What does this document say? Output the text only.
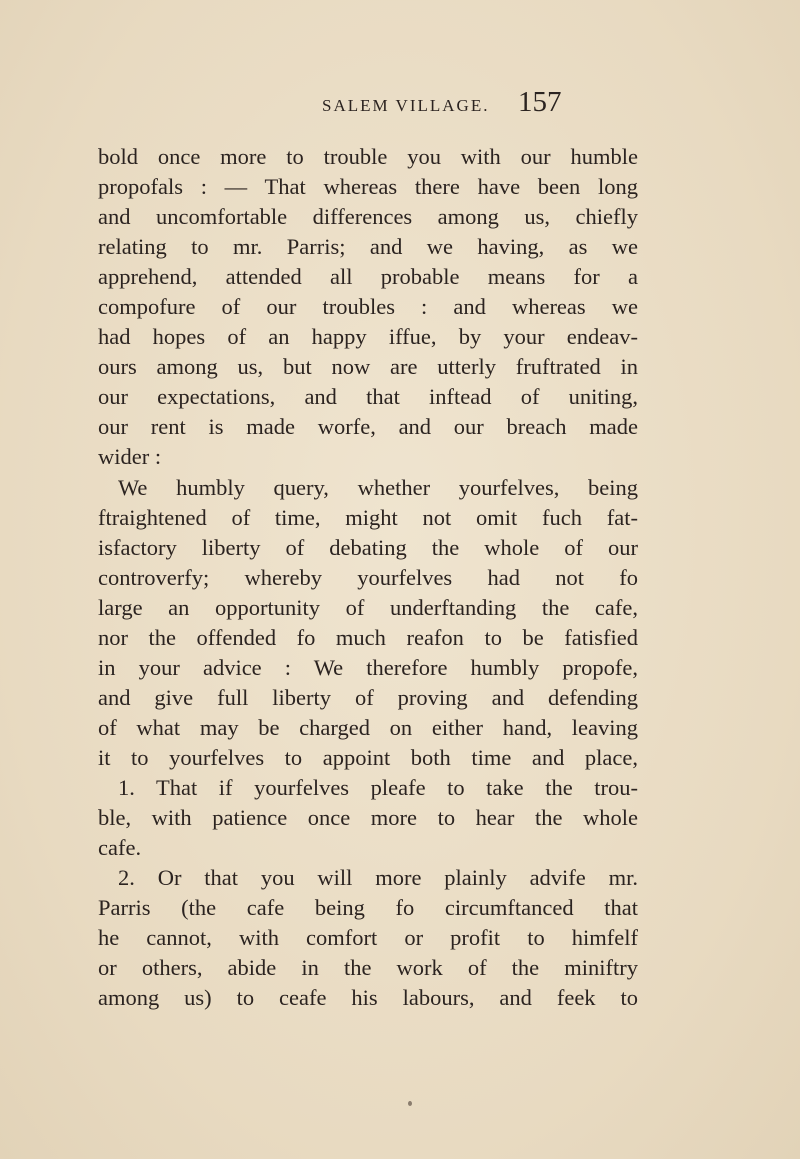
SALEM VILLAGE. 157
bold once more to trouble you with our humble
propofals : — That whereas there have been long
and uncomfortable differences among us, chiefly
relating to mr. Parris; and we having, as we
apprehend, attended all probable means for a
compofure of our troubles : and whereas we
had hopes of an happy iffue, by your endeav-
ours among us, but now are utterly fruftrated in
our expectations, and that inftead of uniting,
our rent is made worfe, and our breach made
wider :
We humbly query, whether yourfelves, being
ftraightened of time, might not omit fuch fat-
isfactory liberty of debating the whole of our
controverfy; whereby yourfelves had not fo
large an opportunity of underftanding the cafe,
nor the offended fo much reafon to be fatisfied
in your advice : We therefore humbly propofe,
and give full liberty of proving and defending
of what may be charged on either hand, leaving
it to yourfelves to appoint both time and place,
1. That if yourfelves pleafe to take the trou-
ble, with patience once more to hear the whole
cafe.
2. Or that you will more plainly advife mr.
Parris (the cafe being fo circumftanced that
he cannot, with comfort or profit to himfelf
or others, abide in the work of the miniftry
among us) to ceafe his labours, and feek to
